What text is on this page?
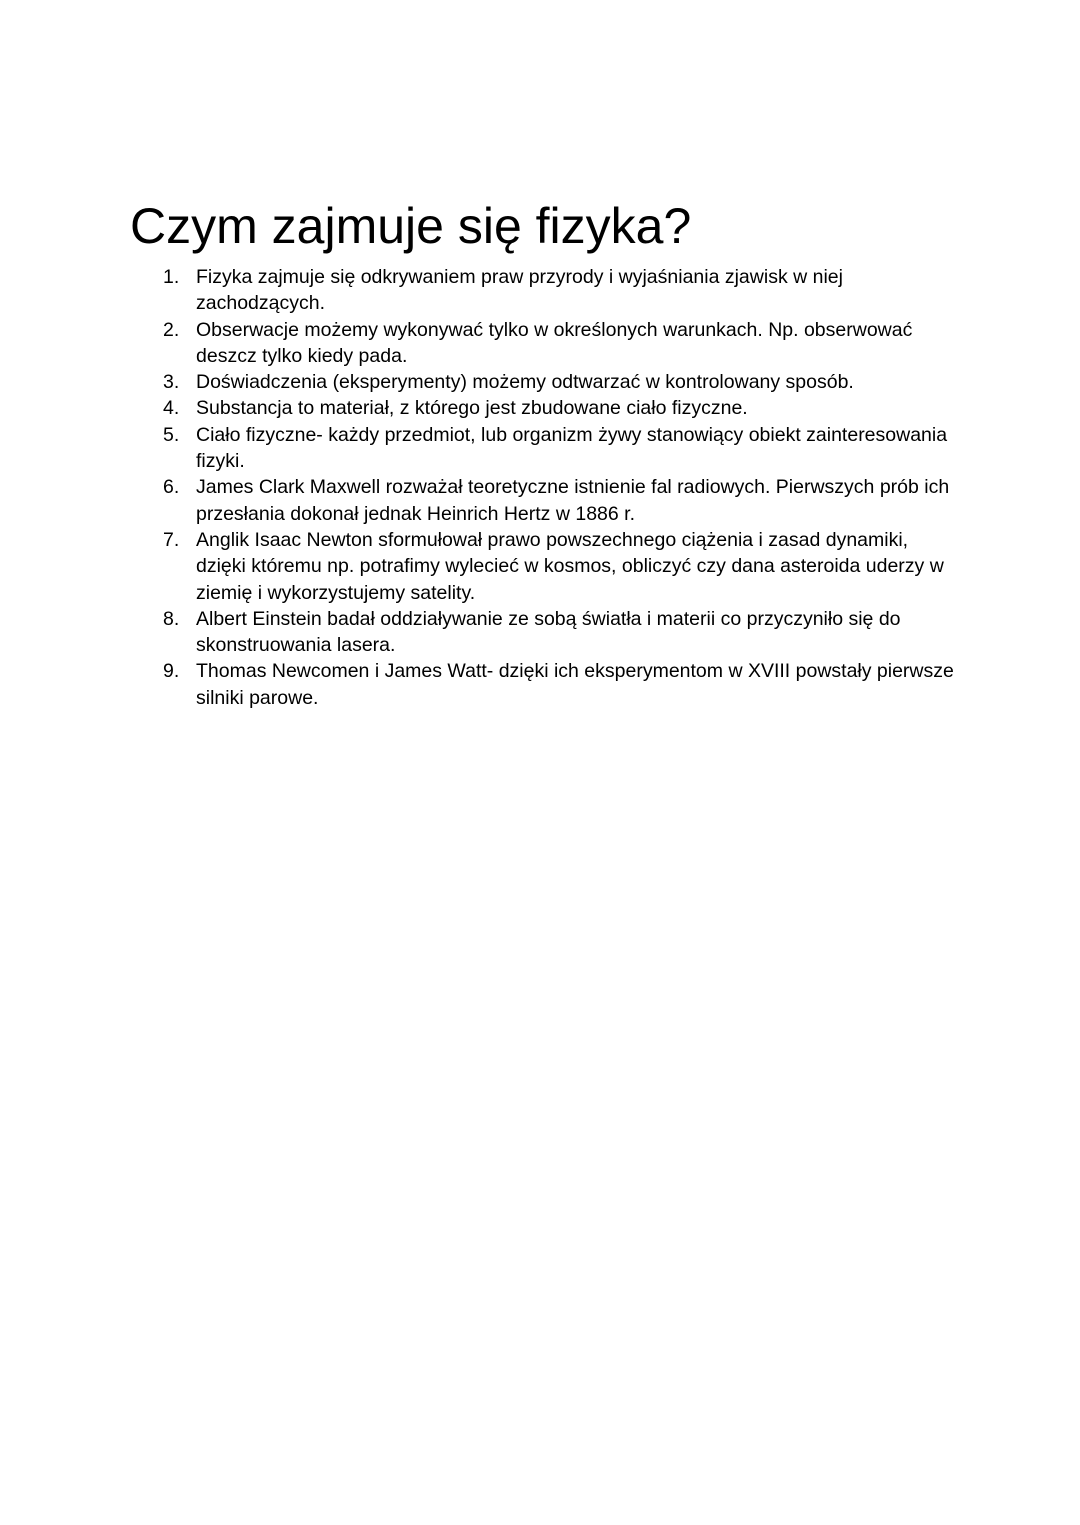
Czym zajmuje się fizyka?
1. Fizyka zajmuje się odkrywaniem praw przyrody i wyjaśniania zjawisk w niej zachodzących.
2. Obserwacje możemy wykonywać tylko w określonych warunkach. Np. obserwować deszcz tylko kiedy pada.
3. Doświadczenia (eksperymenty) możemy odtwarzać w kontrolowany sposób.
4. Substancja to materiał, z którego jest zbudowane ciało fizyczne.
5. Ciało fizyczne- każdy przedmiot, lub organizm żywy stanowiący obiekt zainteresowania fizyki.
6. James Clark Maxwell rozważał teoretyczne istnienie fal radiowych. Pierwszych prób ich przesłania dokonał jednak Heinrich Hertz w 1886 r.
7. Anglik Isaac Newton sformułował prawo powszechnego ciążenia i zasad dynamiki, dzięki któremu np. potrafimy wylecieć w kosmos, obliczyć czy dana asteroida uderzy w ziemię i wykorzystujemy satelity.
8. Albert Einstein badał oddziaływanie ze sobą światła i materii co przyczyniło się do skonstruowania lasera.
9. Thomas Newcomen i James Watt- dzięki ich eksperymentom w XVIII powstały pierwsze silniki parowe.
